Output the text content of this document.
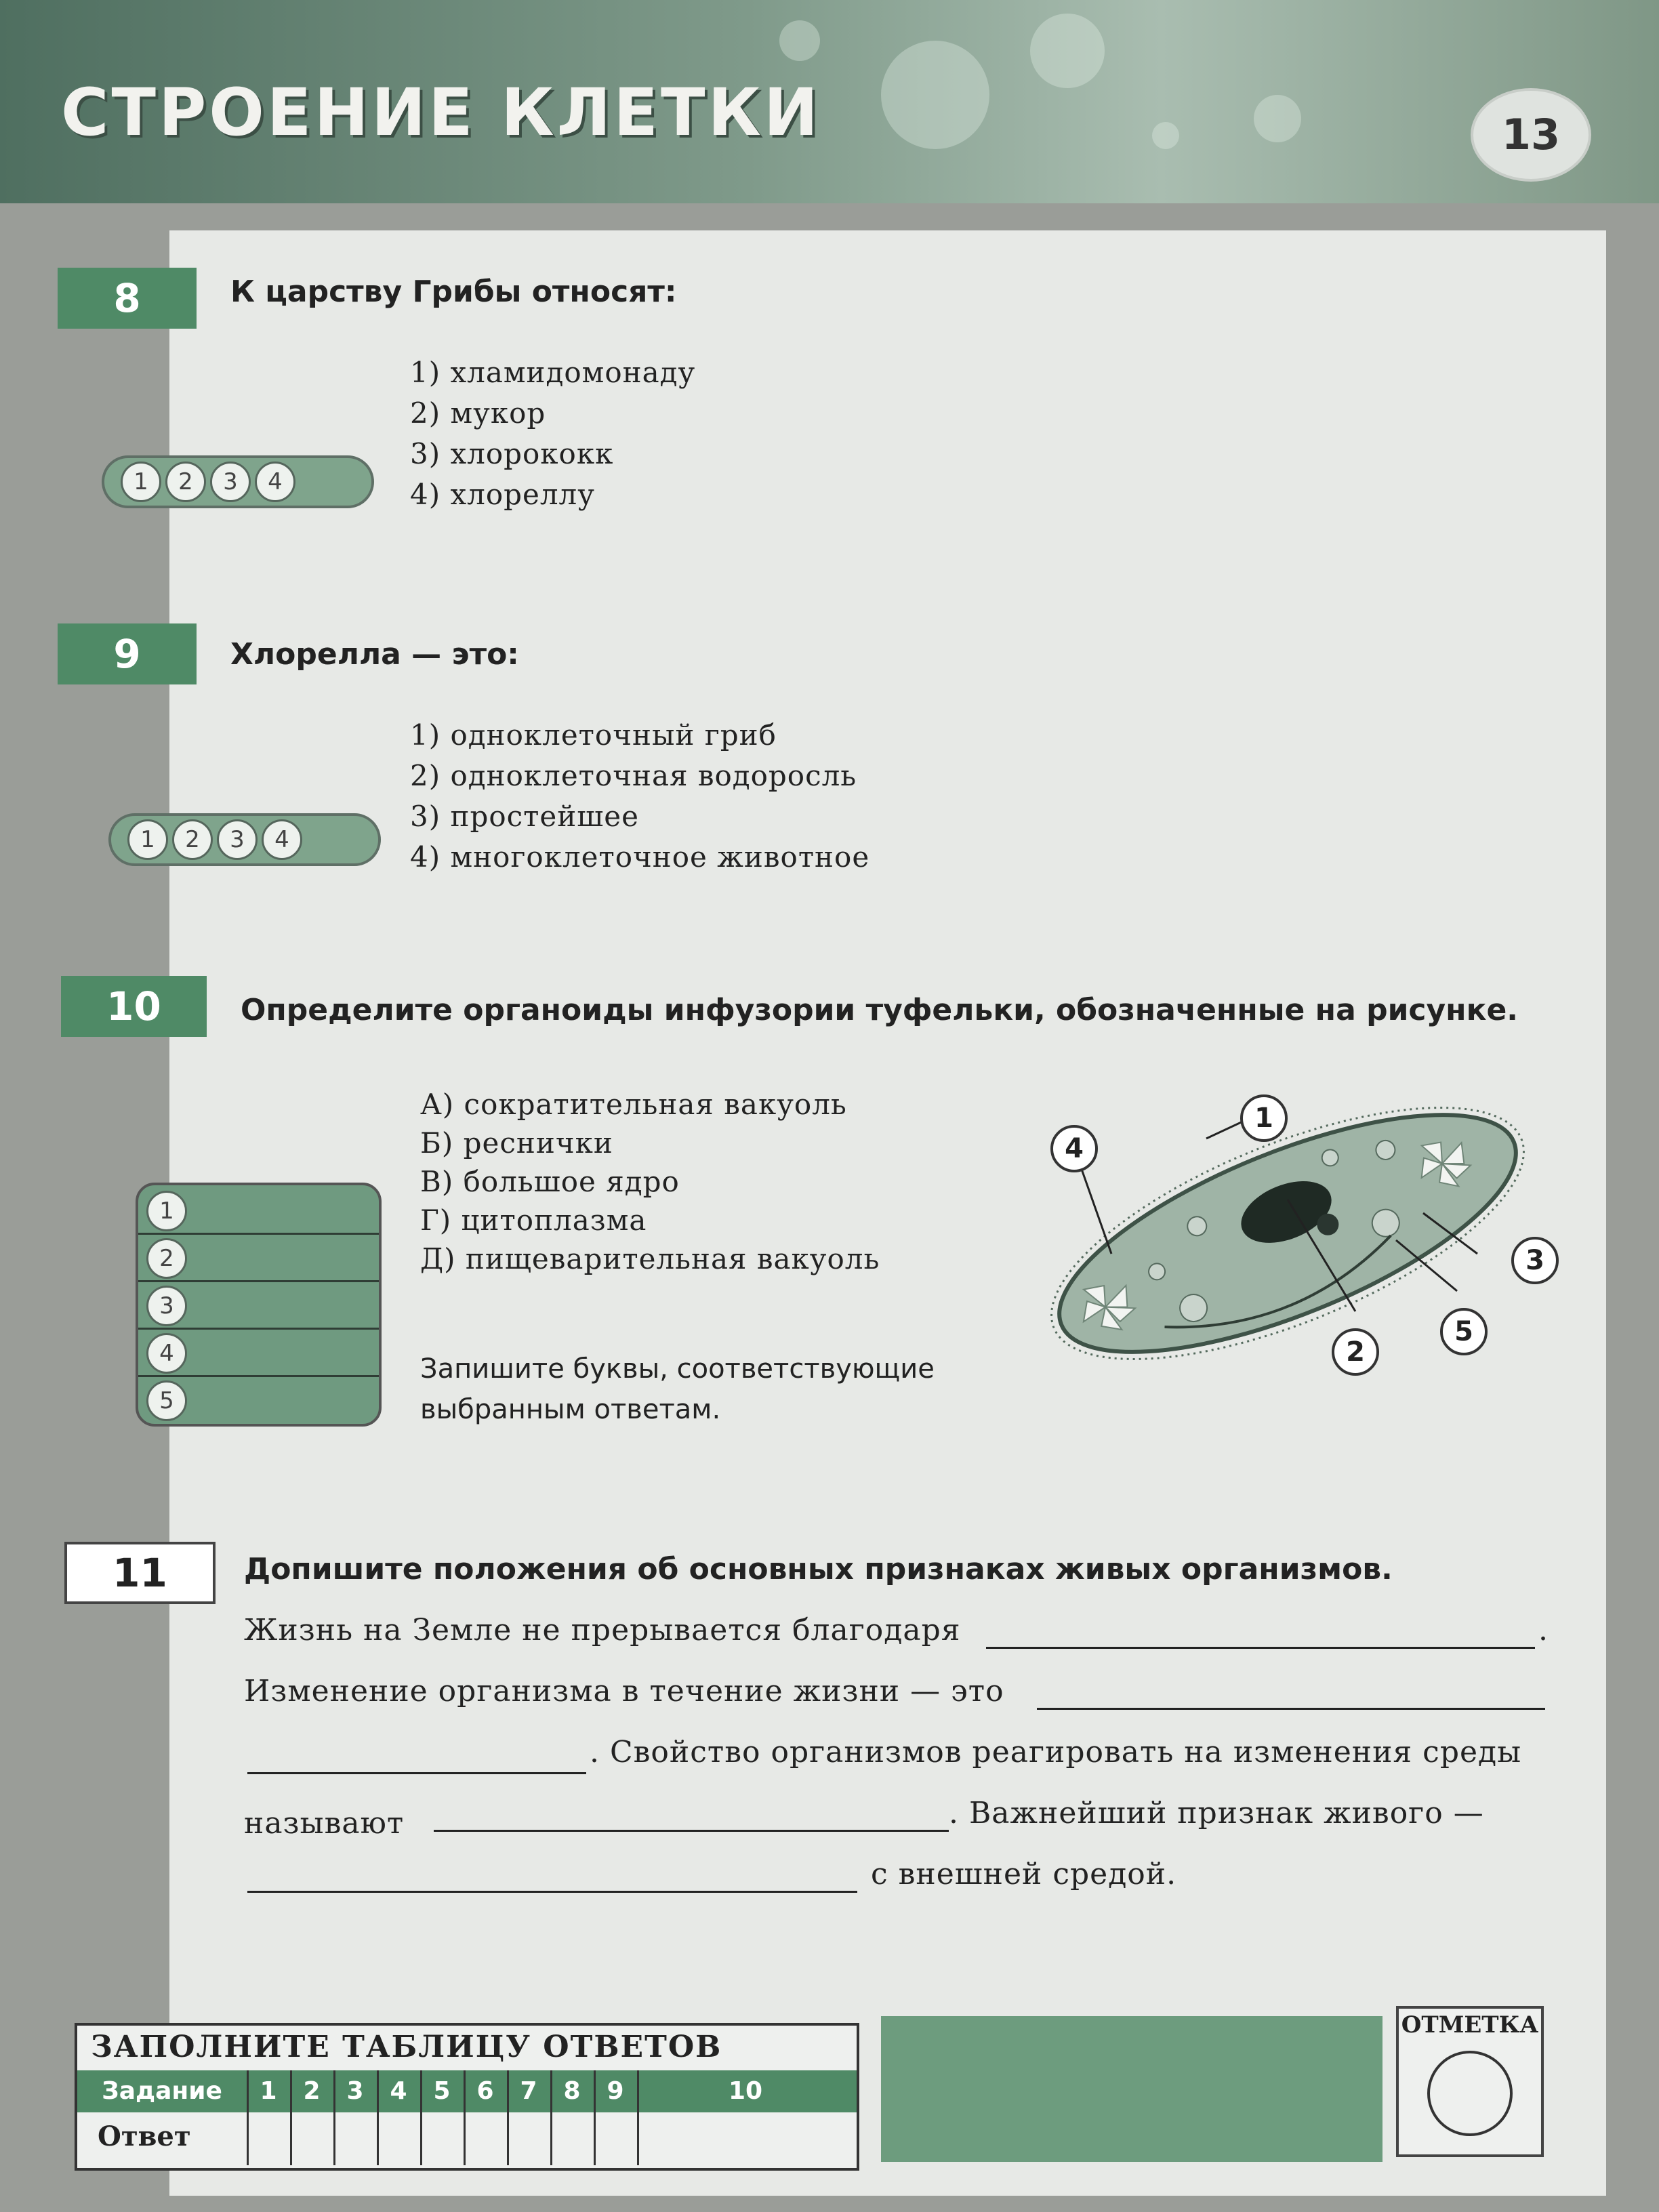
СТРОЕНИЕ КЛЕТКИ	13
8	К царству Грибы относят:
1) хламидомонаду
2) мукор
3) хлорококк
4) хлореллу
1	2	3	4
9	Хлорелла — это:
1) одноклеточный гриб
2) одноклеточная водоросль
3) простейшее
4) многоклеточное животное
1	2	3	4
10	Определите органоиды инфузории туфельки, обозначенные на рисунке.
А) сократительная вакуоль
Б) реснички
В) большое ядро
Г) цитоплазма
Д) пищеварительная вакуоль
1
2
3
4
5
Запишите буквы, соответствующие
выбранным ответам.
1
2
3
4
5
11	Допишите положения об основных признаках живых организмов.
Жизнь на Земле не прерывается благодаря	.
Изменение организма в течение жизни — это
. Свойство организмов реагировать на изменения среды
называют	. Важнейший признак живого —
с внешней средой.
ЗАПОЛНИТЕ ТАБЛИЦУ ОТВЕТОВ
Задание	1	2	3	4	5	6	7	8	9	10
Ответ
ОТМЕТКА
